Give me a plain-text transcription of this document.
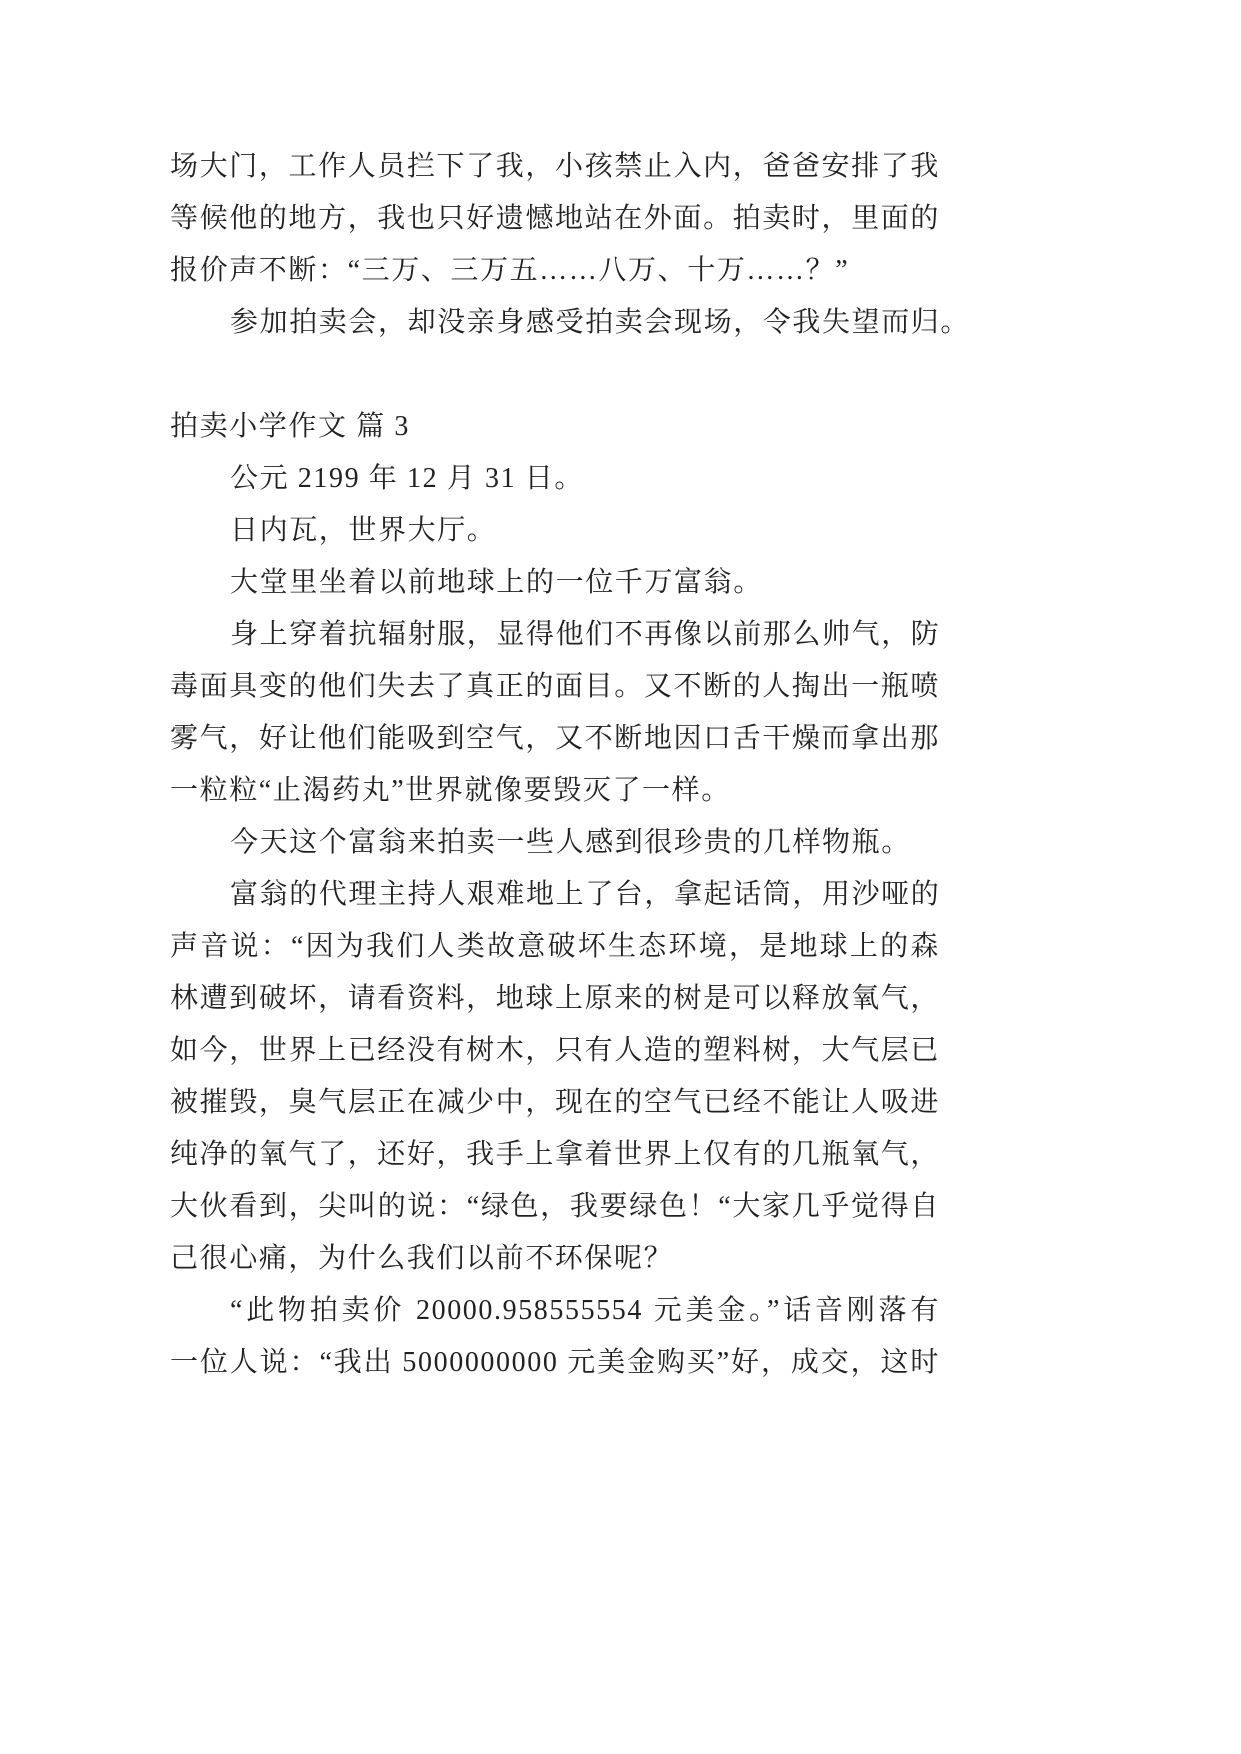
场大门，工作人员拦下了我，小孩禁止入内，爸爸安排了我
等候他的地方，我也只好遗憾地站在外面。拍卖时，里面的
报价声不断：“三万、三万五……八万、十万……？”

参加拍卖会，却没亲身感受拍卖会现场，令我失望而归。

拍卖小学作文 篇 3

公元 2199 年 12 月 31 日。

日内瓦，世界大厅。

大堂里坐着以前地球上的一位千万富翁。

身上穿着抗辐射服，显得他们不再像以前那么帅气，防
毒面具变的他们失去了真正的面目。又不断的人掏出一瓶喷
雾气，好让他们能吸到空气，又不断地因口舌干燥而拿出那
一粒粒“止渴药丸”世界就像要毁灭了一样。

今天这个富翁来拍卖一些人感到很珍贵的几样物瓶。

富翁的代理主持人艰难地上了台，拿起话筒，用沙哑的
声音说：“因为我们人类故意破坏生态环境，是地球上的森
林遭到破坏，请看资料，地球上原来的树是可以释放氧气，
如今，世界上已经没有树木，只有人造的塑料树，大气层已
被摧毁，臭气层正在减少中，现在的空气已经不能让人吸进
纯净的氧气了，还好，我手上拿着世界上仅有的几瓶氧气，
大伙看到，尖叫的说：“绿色，我要绿色！“大家几乎觉得自
己很心痛，为什么我们以前不环保呢？

“此物拍卖价 20000.958555554 元美金。”话音刚落有
一位人说：“我出 5000000000 元美金购买”好，成交，这时
